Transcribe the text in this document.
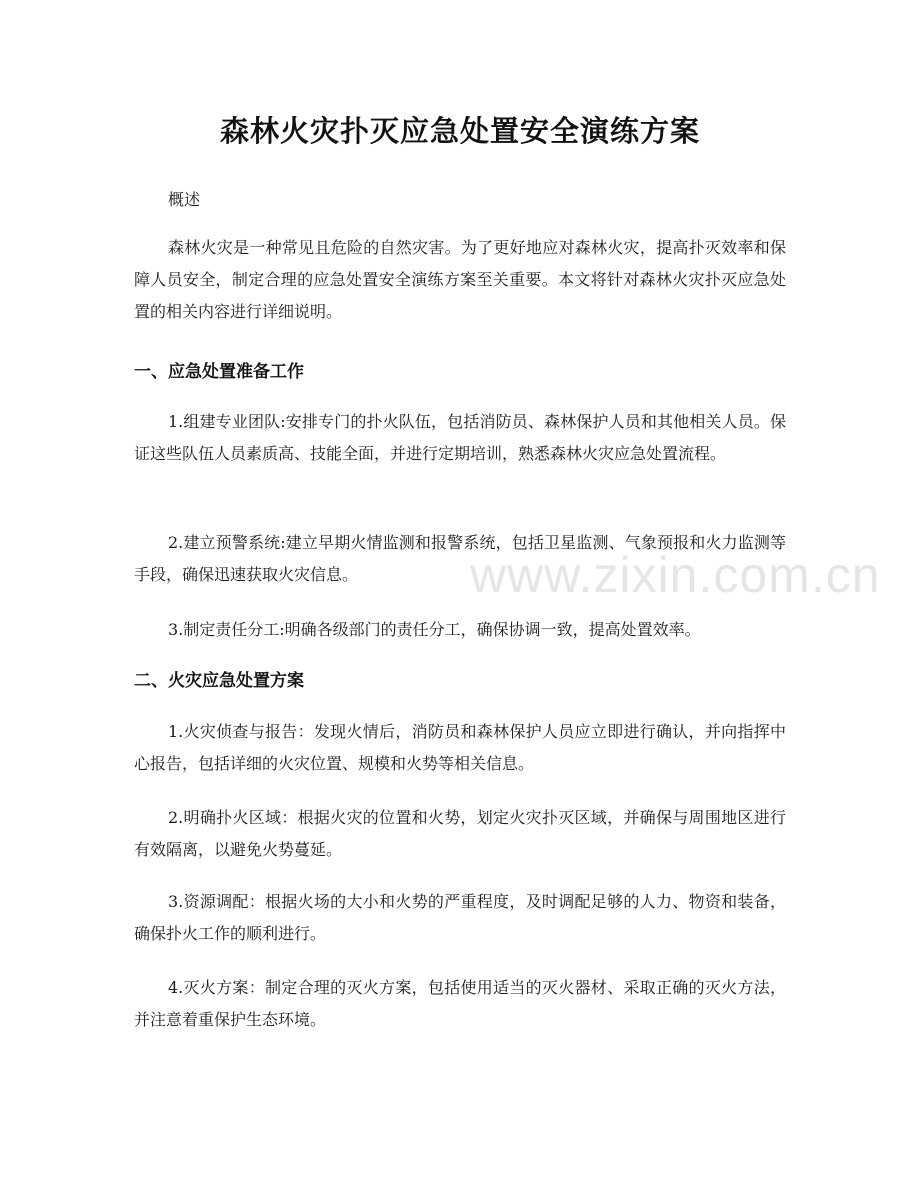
www.zixin.com.cn
森林火灾扑灭应急处置安全演练方案

概述

森林火灾是一种常见且危险的自然灾害。为了更好地应对森林火灾，提高扑灭效率和保障人员安全，制定合理的应急处置安全演练方案至关重要。本文将针对森林火灾扑灭应急处置的相关内容进行详细说明。

一、应急处置准备工作

1.组建专业团队:安排专门的扑火队伍，包括消防员、森林保护人员和其他相关人员。保证这些队伍人员素质高、技能全面，并进行定期培训，熟悉森林火灾应急处置流程。

2.建立预警系统:建立早期火情监测和报警系统，包括卫星监测、气象预报和火力监测等手段，确保迅速获取火灾信息。

3.制定责任分工:明确各级部门的责任分工，确保协调一致，提高处置效率。

二、火灾应急处置方案

1.火灾侦查与报告：发现火情后，消防员和森林保护人员应立即进行确认，并向指挥中心报告，包括详细的火灾位置、规模和火势等相关信息。

2.明确扑火区域：根据火灾的位置和火势，划定火灾扑灭区域，并确保与周围地区进行有效隔离，以避免火势蔓延。

3.资源调配：根据火场的大小和火势的严重程度，及时调配足够的人力、物资和装备，确保扑火工作的顺利进行。

4.灭火方案：制定合理的灭火方案，包括使用适当的灭火器材、采取正确的灭火方法，并注意着重保护生态环境。
